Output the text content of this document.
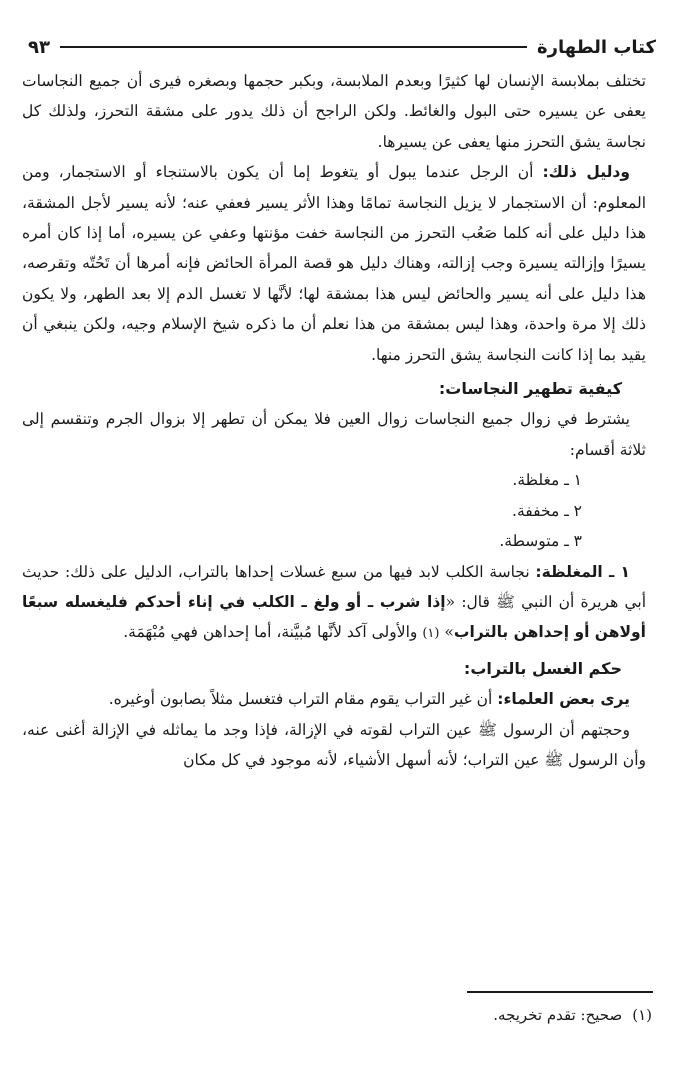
كتاب الطهارة
٩٣

تختلف بملابسة الإنسان لها كثيرًا وبعدم الملابسة، وبكبر حجمها وبصغره فيرى أن جميع النجاسات يعفى عن يسيره حتى البول والغائط. ولكن الراجح أن ذلك يدور على مشقة التحرز، ولذلك كل نجاسة يشق التحرز منها يعفى عن يسيرها.

ودليل ذلك: أن الرجل عندما يبول أو يتغوط إما أن يكون بالاستنجاء أو الاستجمار، ومن المعلوم: أن الاستجمار لا يزيل النجاسة تمامًا وهذا الأثر يسير فعفي عنه؛ لأنه يسير لأجل المشقة، هذا دليل على أنه كلما صَعُب التحرز من النجاسة خفت مؤنتها وعفي عن يسيره، أما إذا كان أمره يسيرًا وإزالته يسيرة وجب إزالته، وهناك دليل هو قصة المرأة الحائض فإنه أمرها أن تَحُتّه وتقرصه، هذا دليل على أنه يسير والحائض ليس هذا بمشقة لها؛ لأنَّها لا تغسل الدم إلا بعد الطهر، ولا يكون ذلك إلا مرة واحدة، وهذا ليس بمشقة من هذا نعلم أن ما ذكره شيخ الإسلام وجيه، ولكن ينبغي أن يقيد بما إذا كانت النجاسة يشق التحرز منها.

كيفية تطهير النجاسات:

يشترط في زوال جميع النجاسات زوال العين فلا يمكن أن تطهر إلا بزوال الجرم وتنقسم إلى ثلاثة أقسام:

١ ـ مغلظة.

٢ ـ مخففة.

٣ ـ متوسطة.

١ ـ المغلظة: نجاسة الكلب لابد فيها من سبع غسلات إحداها بالتراب، الدليل على ذلك: حديث أبي هريرة أن النبي ﷺ قال: «إذا شرب ـ أو ولغ ـ الكلب في إناء أحدكم فليغسله سبعًا أولاهن أو إحداهن بالتراب» (١) والأولى آكد لأنَّها مُبيَّنة، أما إحداهن فهي مُبْهَمَة.

حكم الغسل بالتراب:

يرى بعض العلماء: أن غير التراب يقوم مقام التراب فتغسل مثلاً بصابون أوغيره.

وحجتهم أن الرسول ﷺ عين التراب لقوته في الإزالة، فإذا وجد ما يماثله في الإزالة أغنى عنه، وأن الرسول ﷺ عين التراب؛ لأنه أسهل الأشياء، لأنه موجود في كل مكان

(١)صحيح: تقدم تخريجه.
